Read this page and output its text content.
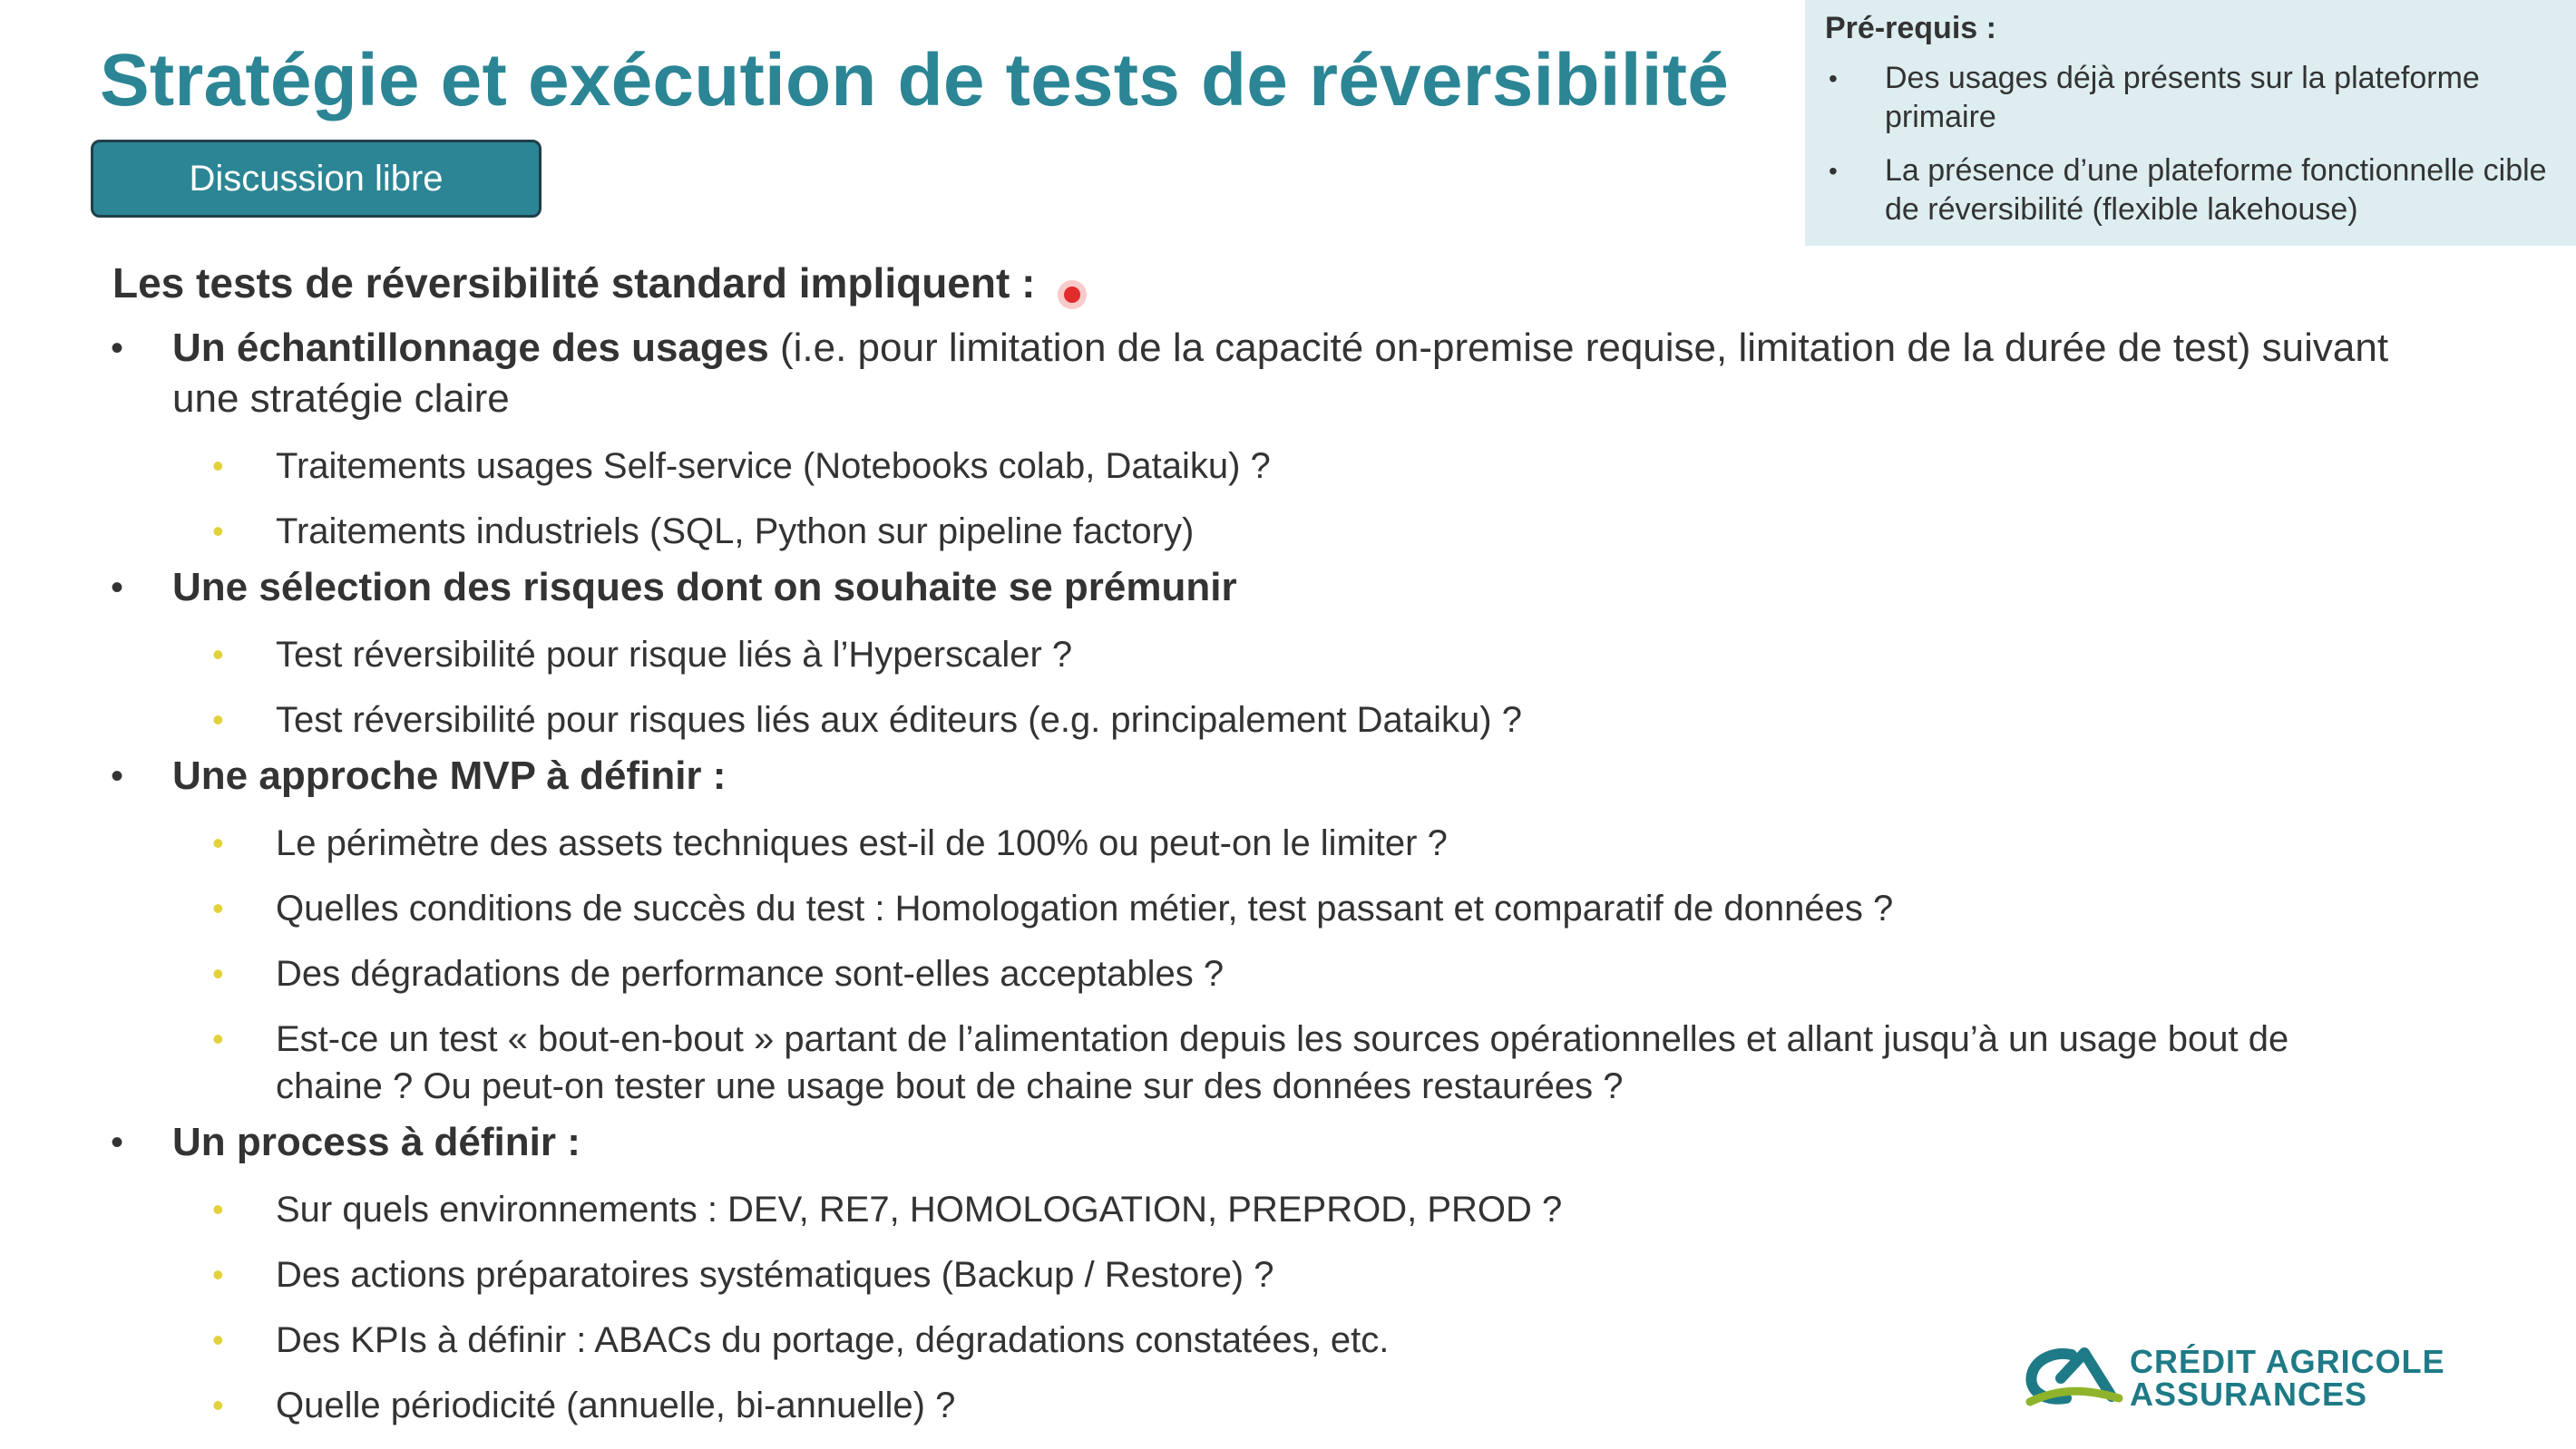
Stratégie et exécution de tests de réversibilité
Discussion libre
Pré-requis :
• Des usages déjà présents sur la plateforme primaire
• La présence d’une plateforme fonctionnelle cible de réversibilité (flexible lakehouse)
Les tests de réversibilité standard impliquent :
• Un échantillonnage des usages (i.e. pour limitation de la capacité on-premise requise, limitation de la durée de test) suivant une stratégie claire
• Traitements usages Self-service (Notebooks colab, Dataiku) ?
• Traitements industriels (SQL, Python sur pipeline factory)
• Une sélection des risques dont on souhaite se prémunir
• Test réversibilité pour risque liés à l’Hyperscaler ?
• Test réversibilité pour risques liés aux éditeurs (e.g. principalement Dataiku) ?
• Une approche MVP à définir :
• Le périmètre des assets techniques est-il de 100% ou peut-on le limiter ?
• Quelles conditions de succès du test : Homologation métier, test passant et comparatif de données ?
• Des dégradations de performance sont-elles acceptables ?
• Est-ce un test « bout-en-bout » partant de l’alimentation depuis les sources opérationnelles et allant jusqu’à un usage bout de chaine ? Ou peut-on tester une usage bout de chaine sur des données restaurées ?
• Un process à définir :
• Sur quels environnements : DEV, RE7, HOMOLOGATION, PREPROD, PROD ?
• Des actions préparatoires systématiques (Backup / Restore) ?
• Des KPIs à définir : ABACs du portage, dégradations constatées, etc.
• Quelle périodicité (annuelle, bi-annuelle) ?
CRÉDIT AGRICOLE
ASSURANCES
